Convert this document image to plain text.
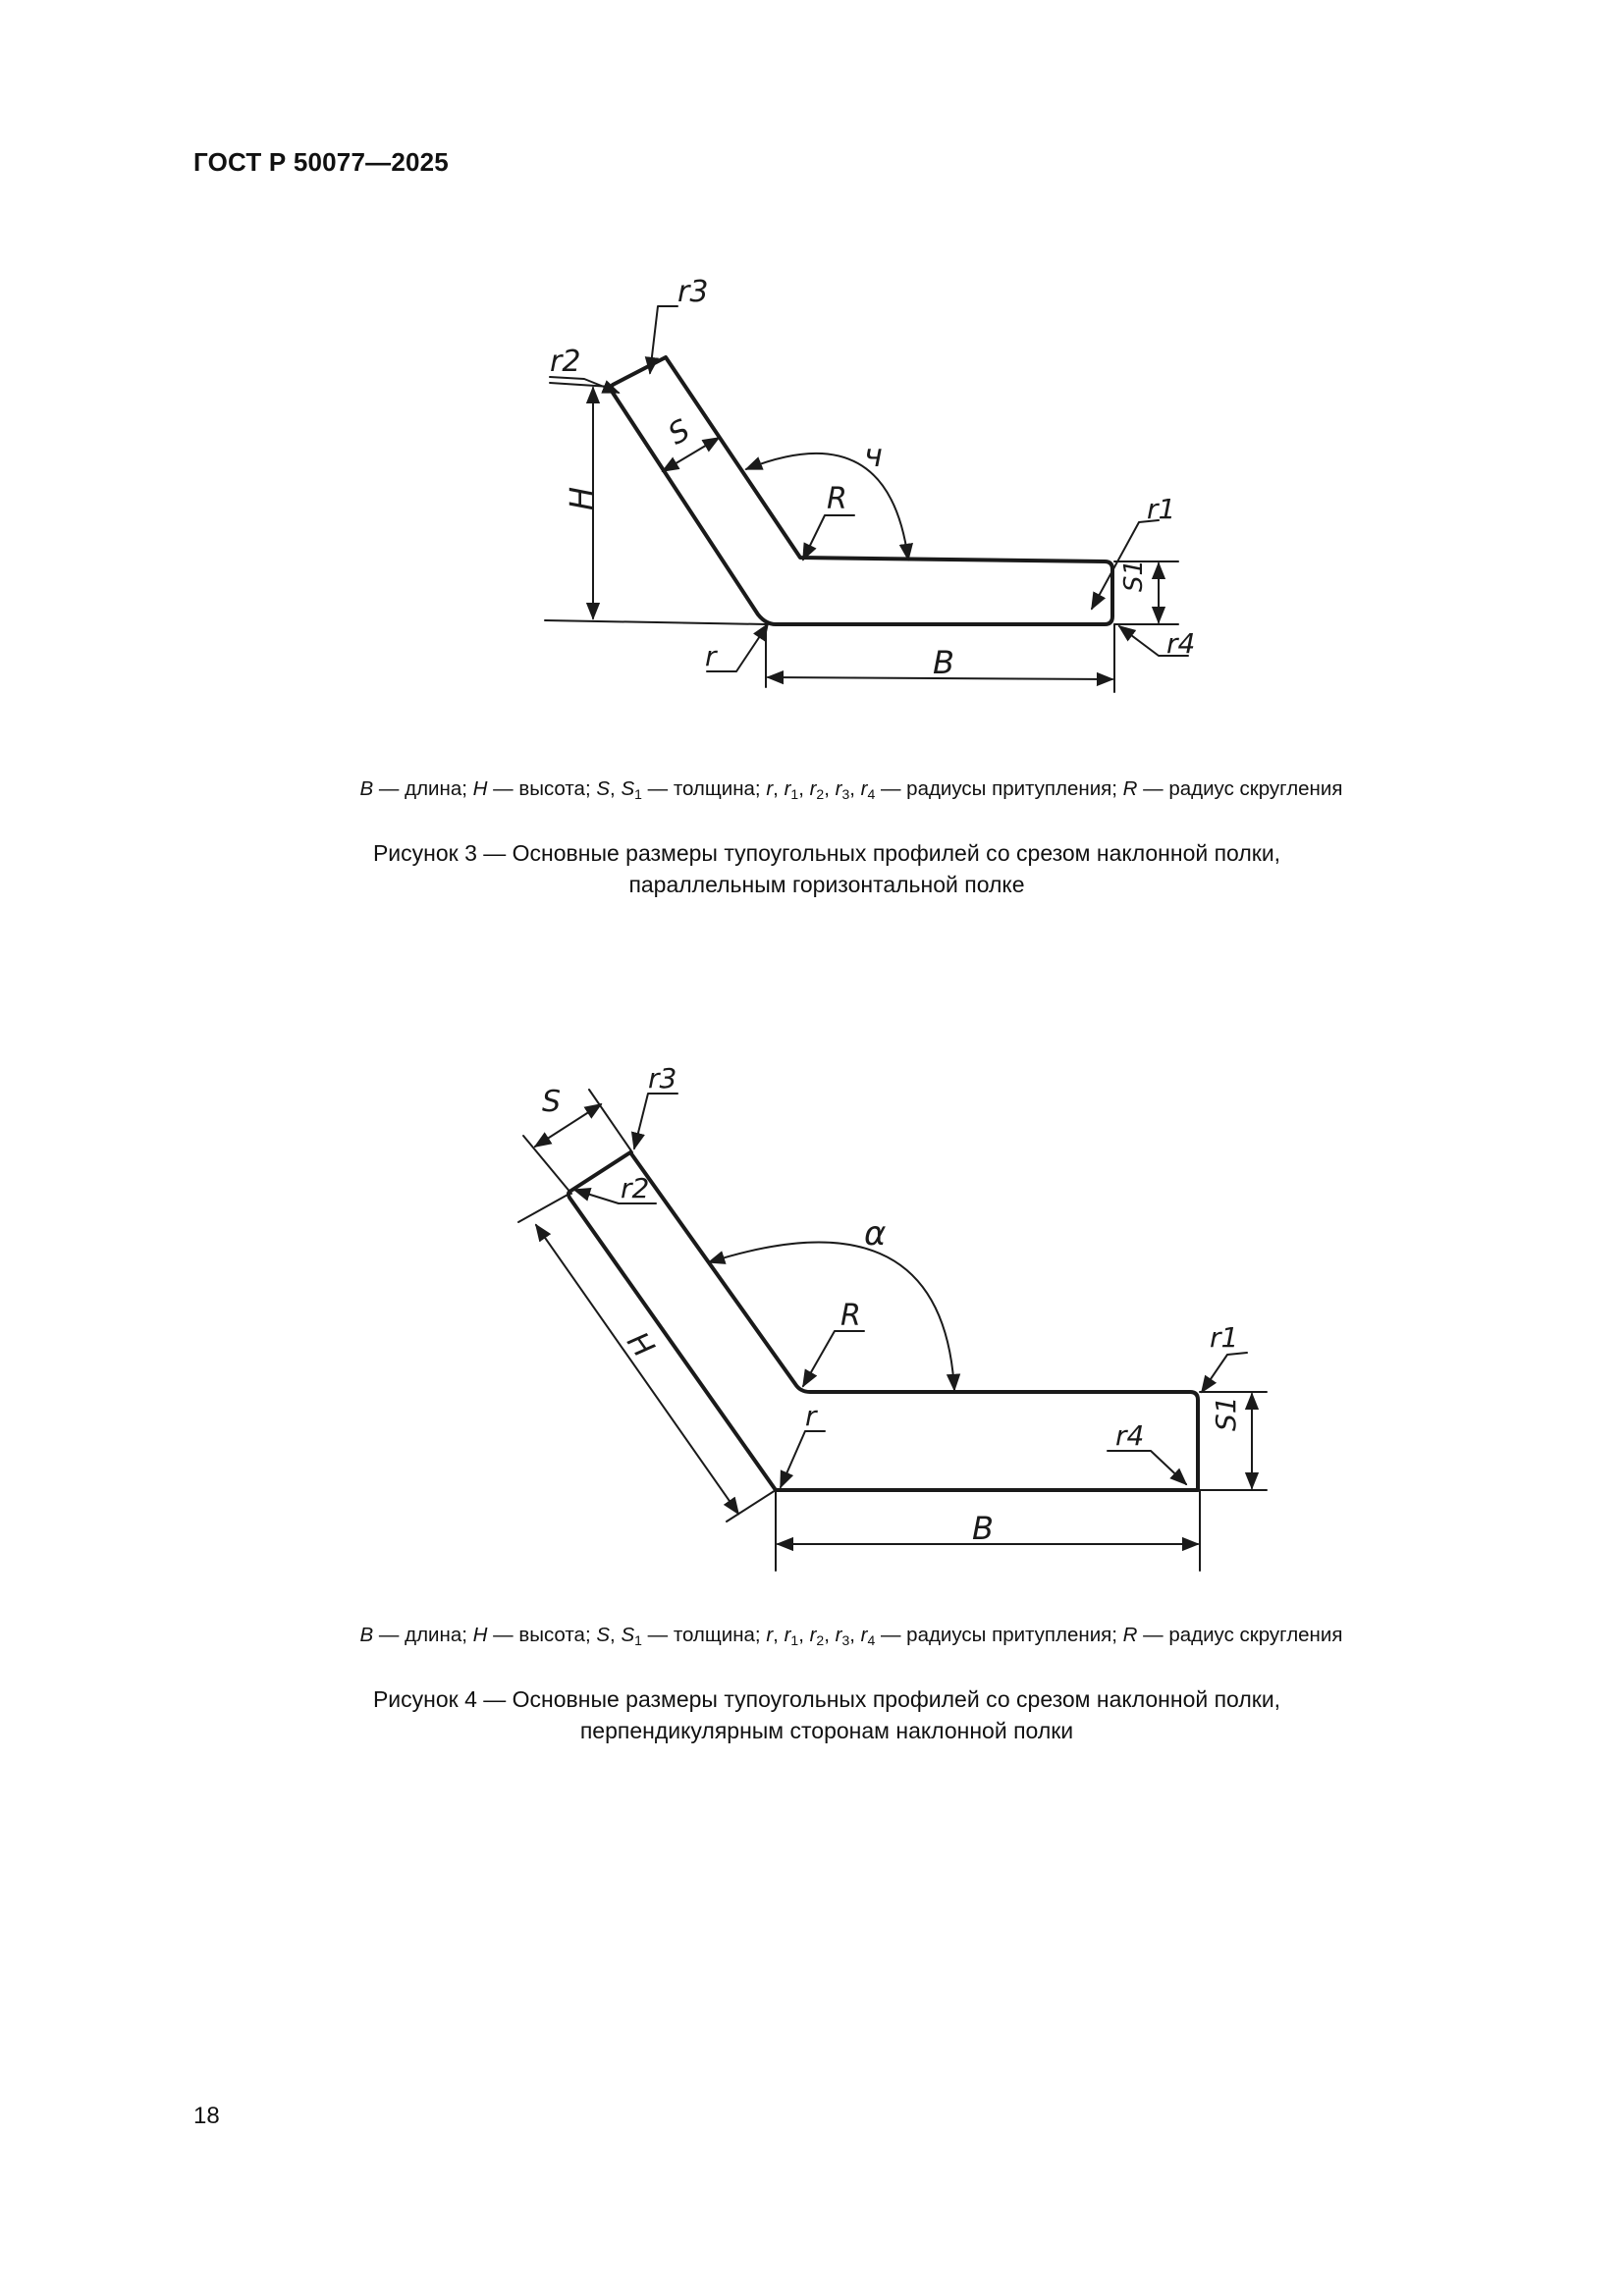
ГОСТ Р 50077—2025
r3
r2
S
ч
H	R	r1
S1
r4
r	B
B — длина; H — высота; S, $S_1$ — толщина; r, $r_1$, $r_2$, $r_3$, $r_4$ — радиусы притупления; R — радиус скругления
Рисунок 3 — Основные размеры тупоугольных профилей со срезом наклонной полки,
параллельным горизонтальной полке
S
r3
r2
α
H
R
r1
r
r4
S1
B
B — длина; H — высота; S, $S_1$ — толщина; r, $r_1$, $r_2$, $r_3$, $r_4$ — радиусы притупления; R — радиус скругления
Рисунок 4 — Основные размеры тупоугольных профилей со срезом наклонной полки,
перпендикулярным сторонам наклонной полки
18
